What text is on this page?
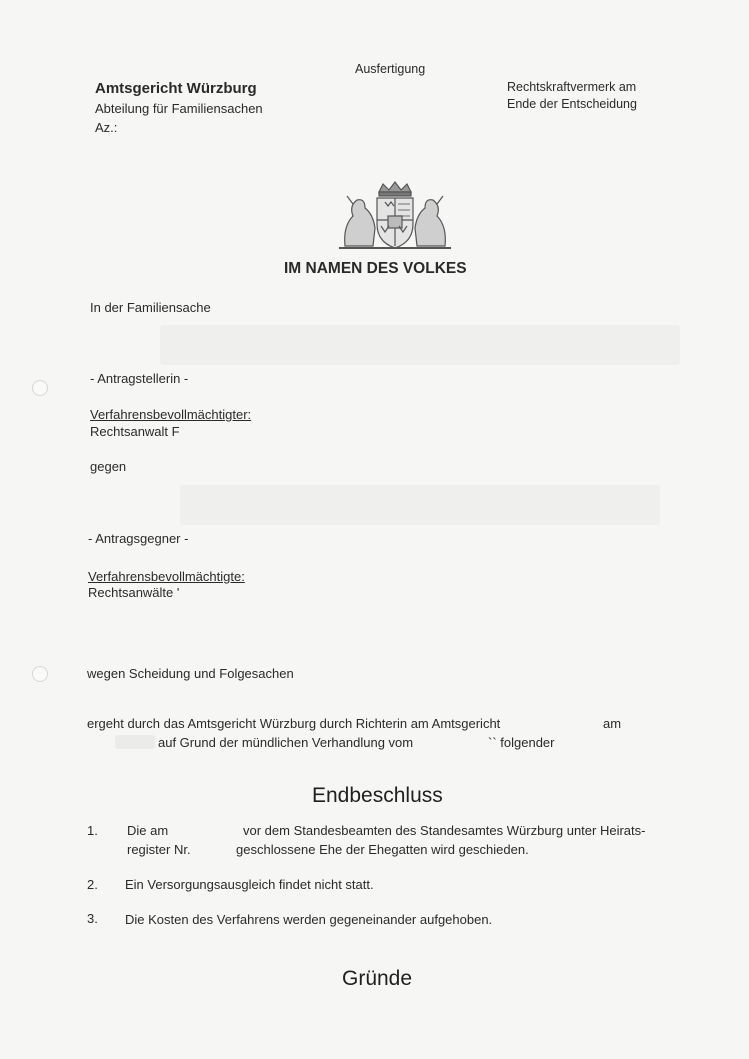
Ausfertigung
Amtsgericht Würzburg
Abteilung für Familiensachen
Az.:
Rechtskraftvermerk am
Ende der Entscheidung
IM NAMEN DES VOLKES
In der Familiensache
- Antragstellerin -
Verfahrensbevollmächtigter:
Rechtsanwalt F
gegen
- Antragsgegner -
Verfahrensbevollmächtigte:
Rechtsanwälte '
wegen Scheidung und Folgesachen
ergeht durch das Amtsgericht Würzburg durch Richterin am Amtsgericht	am
auf Grund der mündlichen Verhandlung vom	`` folgender
Endbeschluss
1. Die am	vor dem Standesbeamten des Standesamtes Würzburg unter Heirats-
register Nr.	geschlossene Ehe der Ehegatten wird geschieden.
2. Ein Versorgungsausgleich findet nicht statt.
3. Die Kosten des Verfahrens werden gegeneinander aufgehoben.
Gründe
